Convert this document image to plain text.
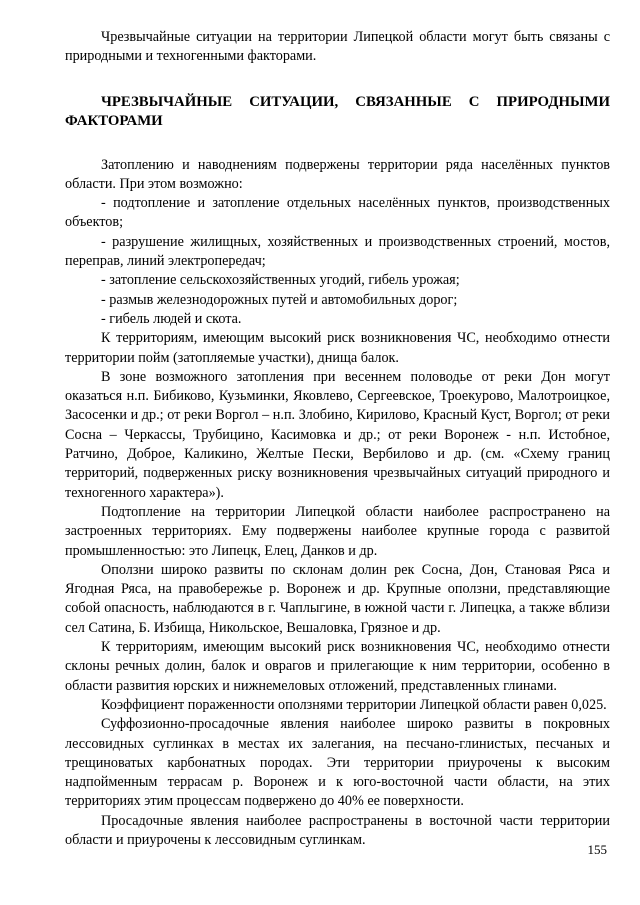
Чрезвычайные ситуации на территории Липецкой области могут быть связаны с природными и техногенными факторами.

ЧРЕЗВЫЧАЙНЫЕ СИТУАЦИИ, СВЯЗАННЫЕ С ПРИРОДНЫМИ ФАКТОРАМИ

Затоплению и наводнениям подвержены территории ряда населённых пунктов области. При этом возможно:

- подтопление и затопление отдельных населённых пунктов, производственных объектов;

- разрушение жилищных, хозяйственных и производственных строений, мостов, переправ, линий электропередач;

- затопление сельскохозяйственных угодий, гибель урожая;

- размыв железнодорожных путей и автомобильных дорог;

- гибель людей и скота.

К территориям, имеющим высокий риск возникновения ЧС, необходимо отнести территории пойм (затопляемые участки), днища балок.

В зоне возможного затопления при весеннем половодье от реки Дон могут оказаться н.п. Бибиково, Кузьминки, Яковлево, Сергеевское, Троекурово, Малотроицкое, Засосенки и др.; от реки Воргол – н.п. Злобино, Кирилово, Красный Куст, Воргол; от реки Сосна – Черкассы, Трубицино, Касимовка и др.; от реки Воронеж - н.п. Истобное, Ратчино, Доброе, Каликино, Желтые Пески, Вербилово и др. (см. «Схему границ территорий, подверженных риску возникновения чрезвычайных ситуаций природного и техногенного характера»).

Подтопление на территории Липецкой области наиболее распространено на застроенных территориях. Ему подвержены наиболее крупные города с развитой промышленностью: это Липецк, Елец, Данков и др.

Оползни широко развиты по склонам долин рек Сосна, Дон, Становая Ряса и Ягодная Ряса, на правобережье р. Воронеж и др. Крупные оползни, представляющие собой опасность, наблюдаются в г. Чаплыгине, в южной части г. Липецка, а также вблизи сел Сатина, Б. Избища, Никольское, Вешаловка, Грязное и др.

К территориям, имеющим высокий риск возникновения ЧС, необходимо отнести склоны речных долин, балок и оврагов и прилегающие к ним территории, особенно в области развития юрских и нижнемеловых отложений, представленных глинами.

Коэффициент пораженности оползнями территории Липецкой области равен 0,025.

Суффозионно-просадочные явления наиболее широко развиты в покровных лессовидных суглинках в местах их залегания, на песчано-глинистых, песчаных и трещиноватых карбонатных породах. Эти территории приурочены к высоким надпойменным террасам р. Воронеж и к юго-восточной части области, на этих территориях этим процессам подвержено до 40% ее поверхности.

Просадочные явления наиболее распространены в восточной части территории области и приурочены к лессовидным суглинкам.

155
